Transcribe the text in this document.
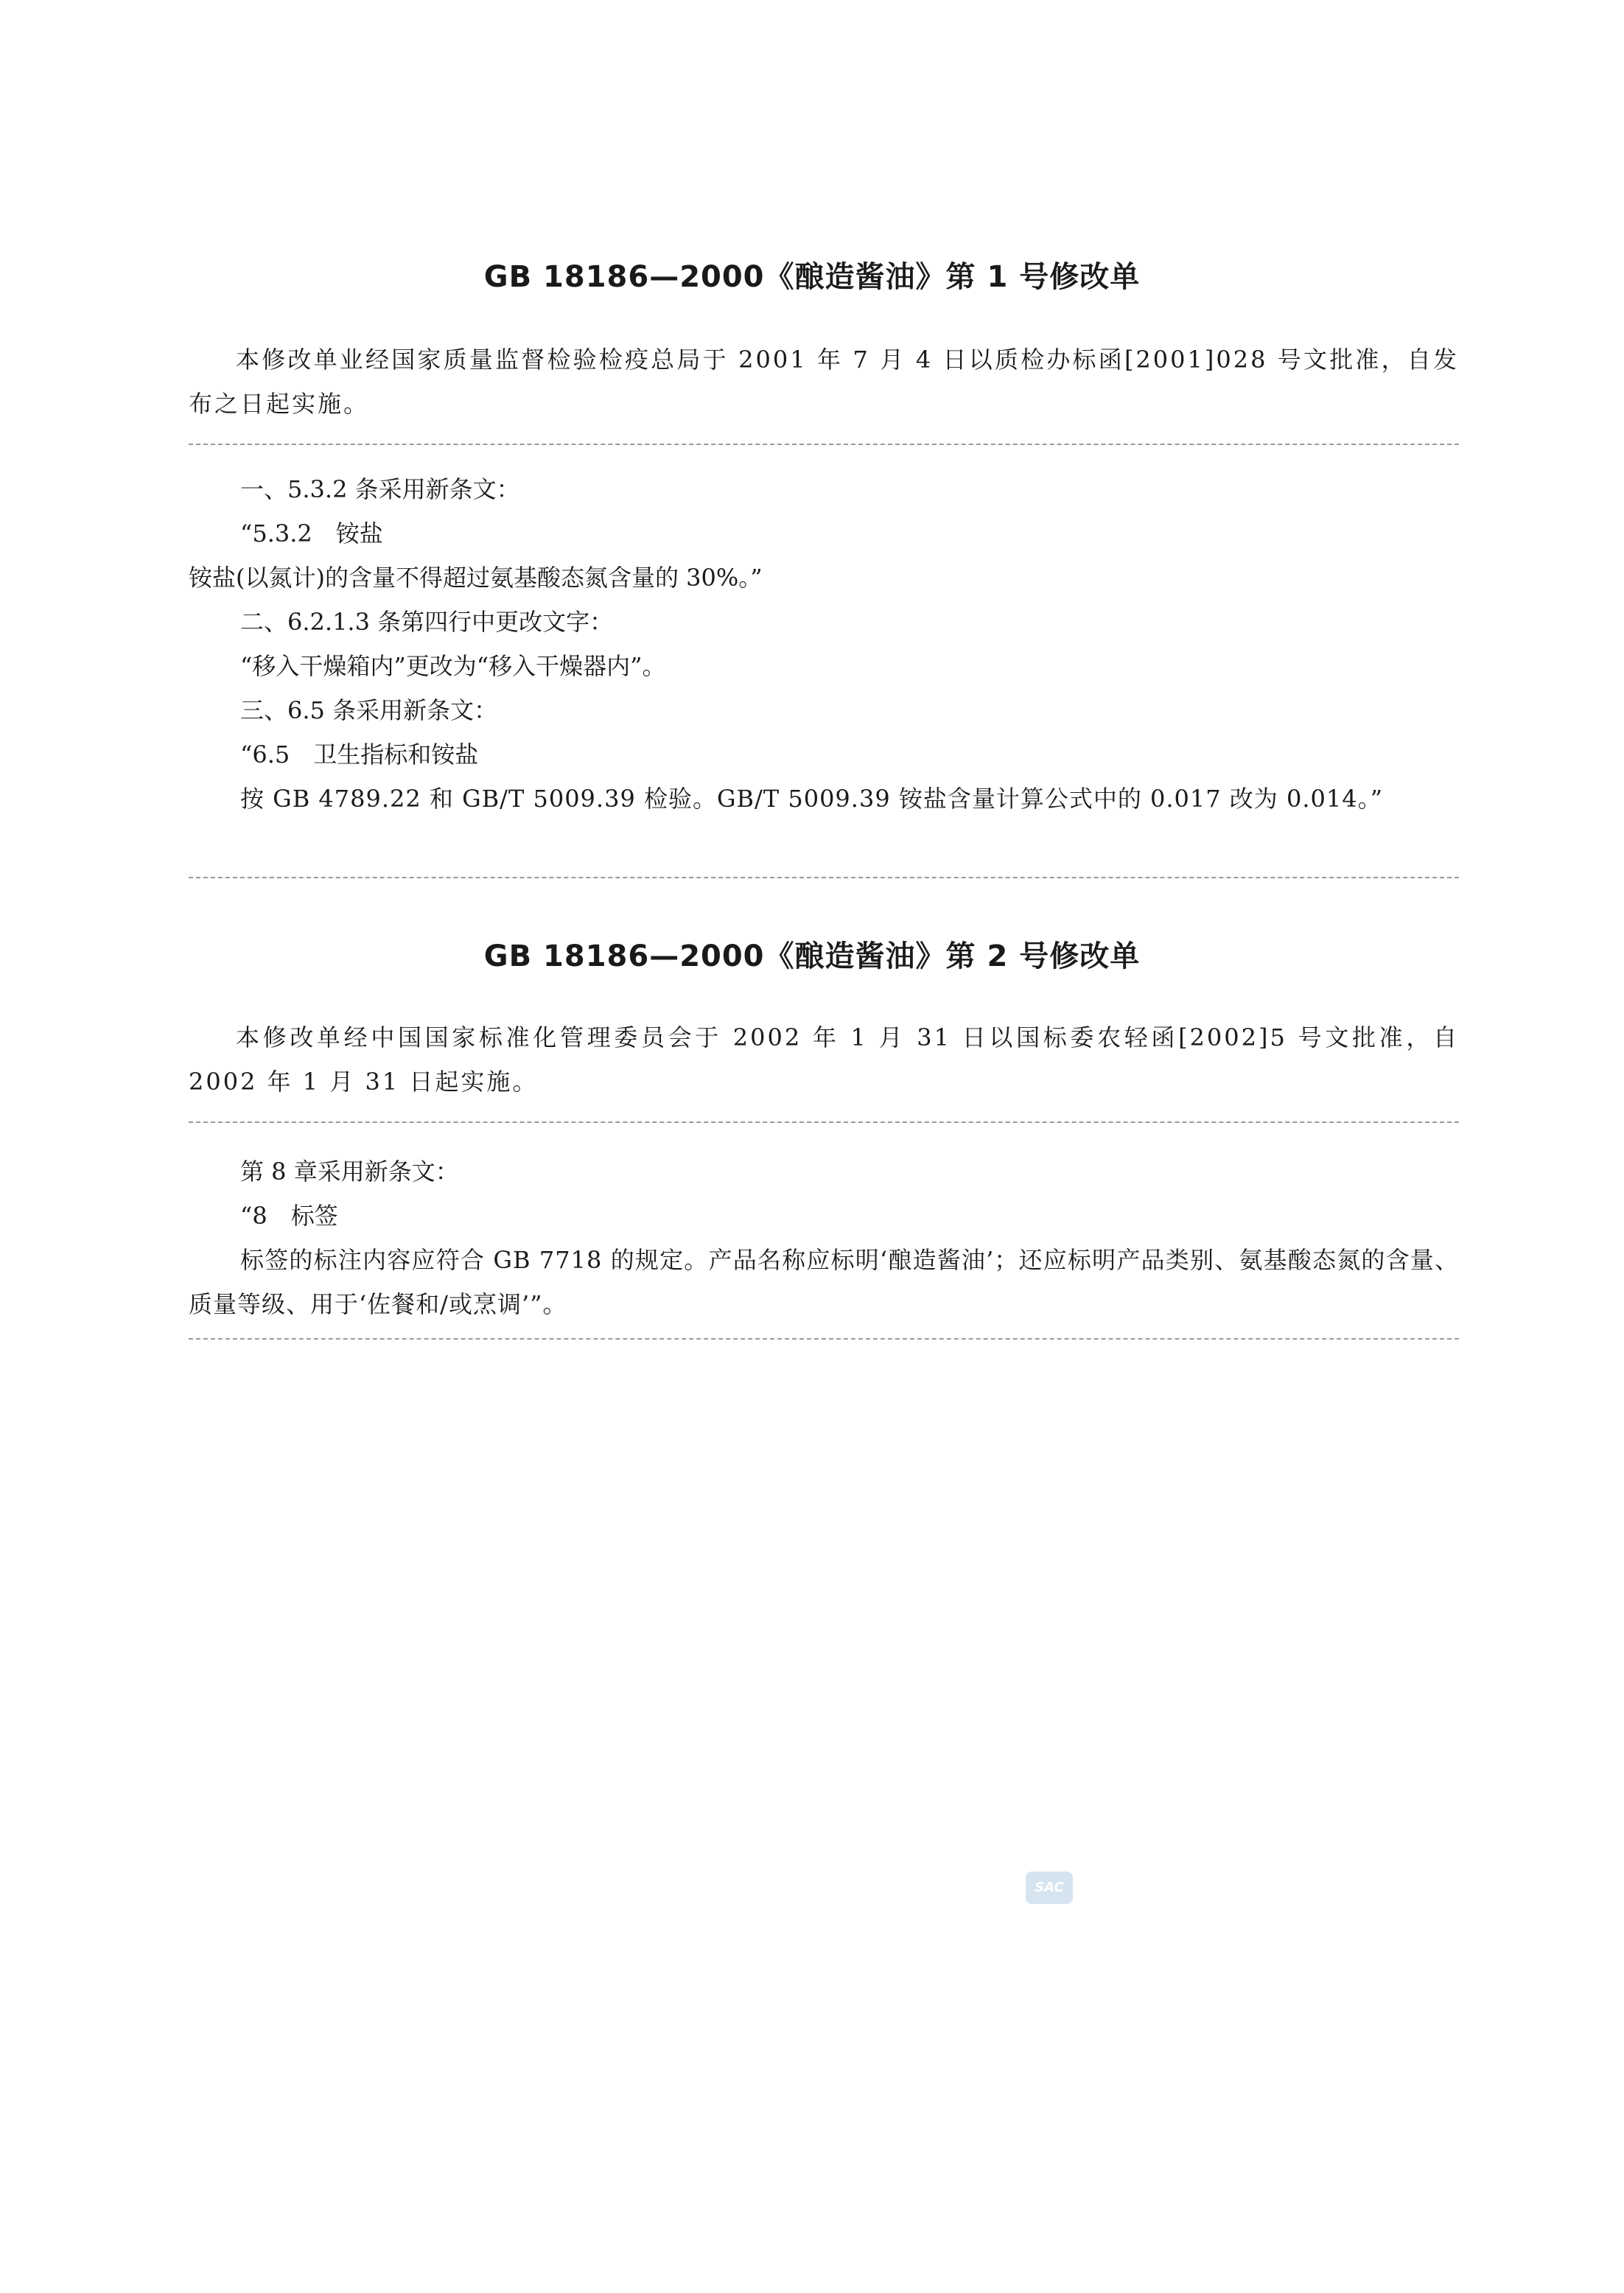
GB 18186—2000《酿造酱油》第 1 号修改单

本修改单业经国家质量监督检验检疫总局于 2001 年 7 月 4 日以质检办标函[2001]028 号文批准，自发布之日起实施。

一、5.3.2 条采用新条文：

“5.3.2　铵盐

铵盐(以氮计)的含量不得超过氨基酸态氮含量的 30%。”

二、6.2.1.3 条第四行中更改文字：

“移入干燥箱内”更改为“移入干燥器内”。

三、6.5 条采用新条文：

“6.5　卫生指标和铵盐

按 GB 4789.22 和 GB/T 5009.39 检验。GB/T 5009.39 铵盐含量计算公式中的 0.017 改为 0.014。”

GB 18186—2000《酿造酱油》第 2 号修改单

本修改单经中国国家标准化管理委员会于 2002 年 1 月 31 日以国标委农轻函[2002]5 号文批准，自 2002 年 1 月 31 日起实施。

第 8 章采用新条文：

“8　标签

标签的标注内容应符合 GB 7718 的规定。产品名称应标明‘酿造酱油’；还应标明产品类别、氨基酸态氮的含量、质量等级、用于‘佐餐和/或烹调’”。

SAC
